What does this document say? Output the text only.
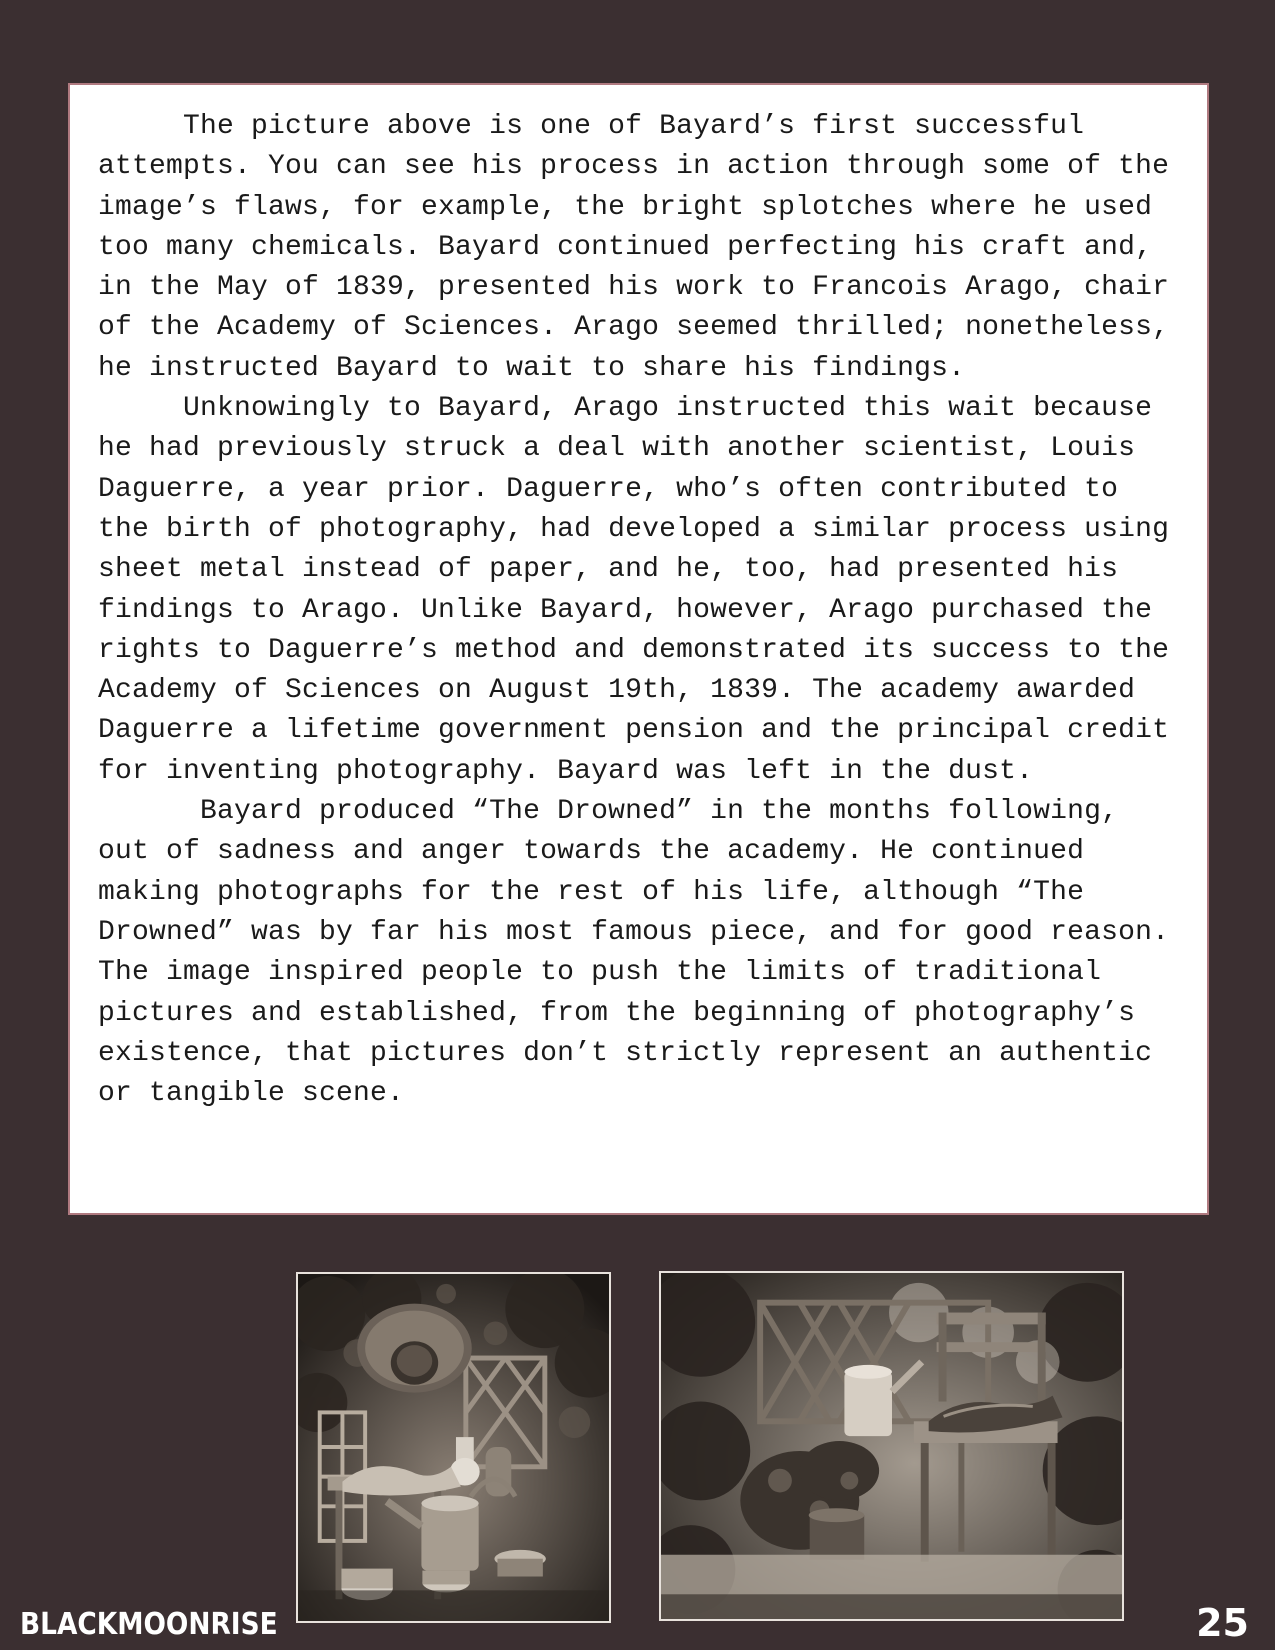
The picture above is one of Bayard’s first successful attempts. You can see his process in action through some of the image’s flaws, for example, the bright splotches where he used too many chemicals. Bayard continued perfecting his craft and, in the May of 1839, presented his work to Francois Arago, chair of the Academy of Sciences. Arago seemed thrilled; nonetheless, he instructed Bayard to wait to share his findings.

Unknowingly to Bayard, Arago instructed this wait because he had previously struck a deal with another scientist, Louis Daguerre, a year prior. Daguerre, who’s often contributed to the birth of photography, had developed a similar process using sheet metal instead of paper, and he, too, had presented his findings to Arago. Unlike Bayard, however, Arago purchased the rights to Daguerre’s method and demonstrated its success to the Academy of Sciences on August 19th, 1839. The academy awarded Daguerre a lifetime government pension and the principal credit for inventing photography. Bayard was left in the dust.

Bayard produced “The Drowned” in the months following, out of sadness and anger towards the academy. He continued making photographs for the rest of his life, although “The Drowned” was by far his most famous piece, and for good reason. The image inspired people to push the limits of traditional pictures and established, from the beginning of photography’s existence, that pictures don’t strictly represent an authentic or tangible scene.

BLACKMOONRISE	25
